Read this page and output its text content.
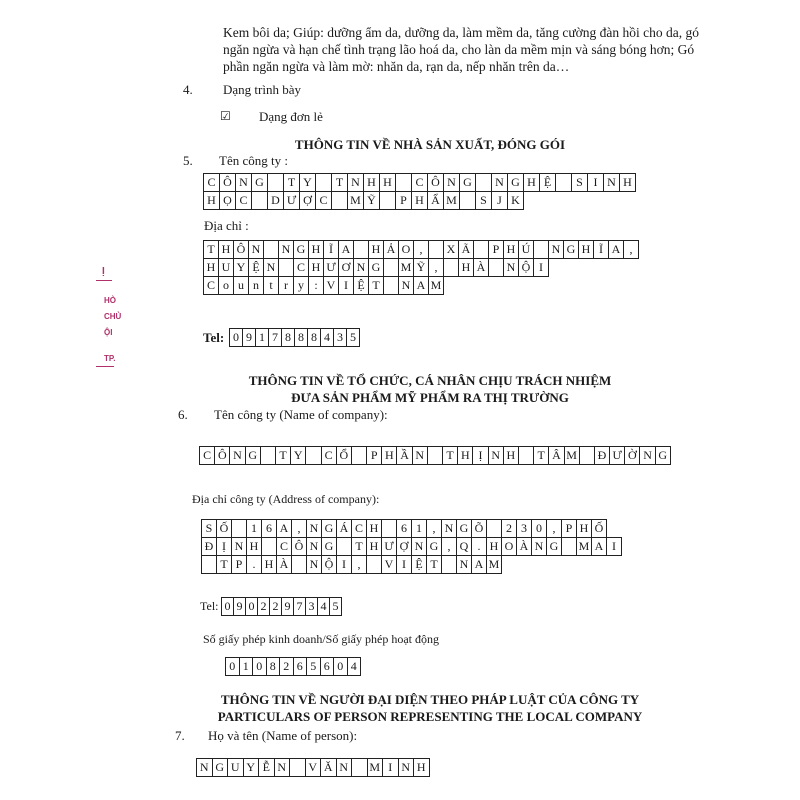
Kem bôi da; Giúp: dưỡng ẩm da, dưỡng da, làm mềm da, tăng cường đàn hồi cho da, gó
ngăn ngừa và hạn chế tình trạng lão hoá da, cho làn da mềm mịn và sáng bóng hơn; Gó
phần ngăn ngừa và làm mờ: nhăn da, rạn da, nếp nhăn trên da…
4. Dạng trình bày
☑ Dạng đơn lẻ
THÔNG TIN VỀ NHÀ SẢN XUẤT, ĐÓNG GÓI
5. Tên công ty :
C	Ô	N	G		T	Y		T	N	H	H		C	Ô	N	G		N	G	H	Ệ		S	I	N	H
H	Ọ	C		D	Ư	Ợ	C		M	Ỹ		P	H	Ẩ	M		S	J	K							
Địa chỉ :
T	H	Ô	N		N	G	H	Ĩ	A		H	Ả	O	,		X	Ã		P	H	Ú		N	G	H	Ĩ	A	,
H	U	Y	Ệ	N		C	H	Ư	Ơ	N	G		M	Ỹ	,		H	À		N	Ộ	I						
C	o	u	n	t	r	y	:	V	I	Ệ	T		N	A	M													
Tel: 0	9	1	7	8	8	8	4	3	5
Ị
HÒ
CHỦ
ỘI
TP.
THÔNG TIN VỀ TỔ CHỨC, CÁ NHÂN CHỊU TRÁCH NHIỆM
ĐƯA SẢN PHẨM MỸ PHẨM RA THỊ TRƯỜNG
6. Tên công ty (Name of company):
C	Ô	N	G		T	Y		C	Ổ		P	H	Ầ	N		T	H	Ị	N	H		T	Â	M		Đ	Ư	Ờ	N	G
Địa chỉ công ty (Address of company):
S	Ố		1	6	A	,	N	G	Á	C	H		6	1	,	N	G	Õ		2	3	0	,	P	H	Ố	
Đ	Ị	N	H		C	Ô	N	G		T	H	Ư	Ợ	N	G	,	Q	.	H	O	À	N	G		M	A	I
	T	P	.	H	À		N	Ộ	I	,		V	I	Ệ	T		N	A	M								
Tel: 0	9	0	2	2	9	7	3	4	5
Số giấy phép kinh doanh/Số giấy phép hoạt động
0	1	0	8	2	6	5	6	0	4
THÔNG TIN VỀ NGƯỜI ĐẠI DIỆN THEO PHÁP LUẬT CỦA CÔNG TY
PARTICULARS OF PERSON REPRESENTING THE LOCAL COMPANY
7. Họ và tên (Name of person):
N	G	U	Y	Ễ	N		V	Ă	N		M	I	N	H
